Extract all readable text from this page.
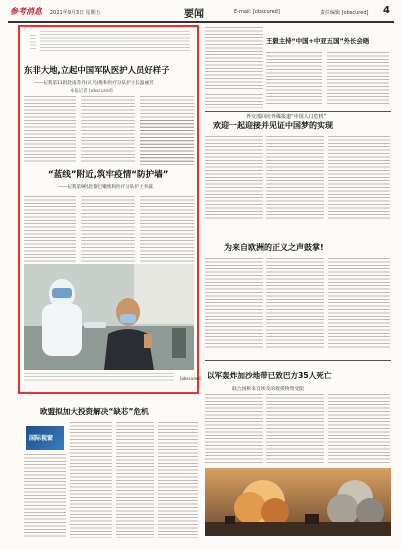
参考消息 2021年9月3日 星期五	要闻	E-mail: [obscured]	责任编辑 [obscured] 4
东非大地,立起中国军队医护人员好样子
——记我第11批赴南苏丹(瓦乌)维和医疗分队护士长温丽芳
本报记者 [obscured]
“蓝线”附近,筑牢疫情“防护墙”
——记我第9批赴黎巴嫩维和医疗分队护士李露
[obscured]
王毅主持“中国+中亚五国”外长会晤
外交部回应外媒报道“中国人口危机”
欢迎一起迎接并见证中国梦的实现
为来自欧洲的正义之声鼓掌!
以军轰炸加沙地带已致巴方35人死亡
联合国称来自埃及的救援物资受阻
欧盟拟加大投资解决“缺芯”危机
国际视窗
